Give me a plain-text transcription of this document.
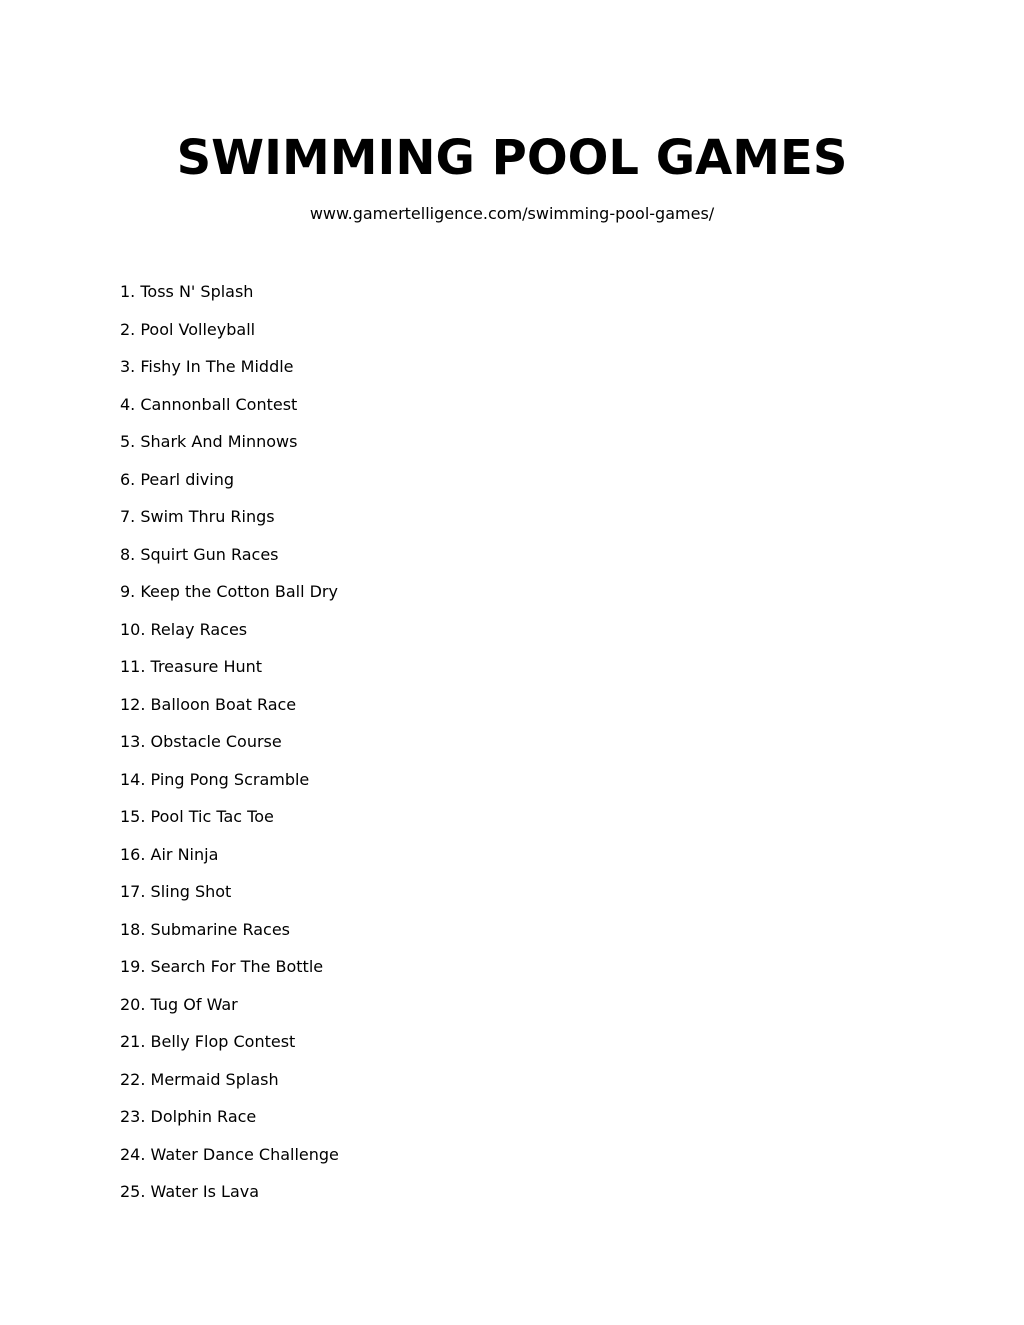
SWIMMING POOL GAMES
www.gamertelligence.com/swimming-pool-games/
1. Toss N' Splash
2. Pool Volleyball
3. Fishy In The Middle
4. Cannonball Contest
5. Shark And Minnows
6. Pearl diving
7. Swim Thru Rings
8. Squirt Gun Races
9. Keep the Cotton Ball Dry
10. Relay Races
11. Treasure Hunt
12. Balloon Boat Race
13. Obstacle Course
14. Ping Pong Scramble
15. Pool Tic Tac Toe
16. Air Ninja
17. Sling Shot
18. Submarine Races
19. Search For The Bottle
20. Tug Of War
21. Belly Flop Contest
22. Mermaid Splash
23. Dolphin Race
24. Water Dance Challenge
25. Water Is Lava
